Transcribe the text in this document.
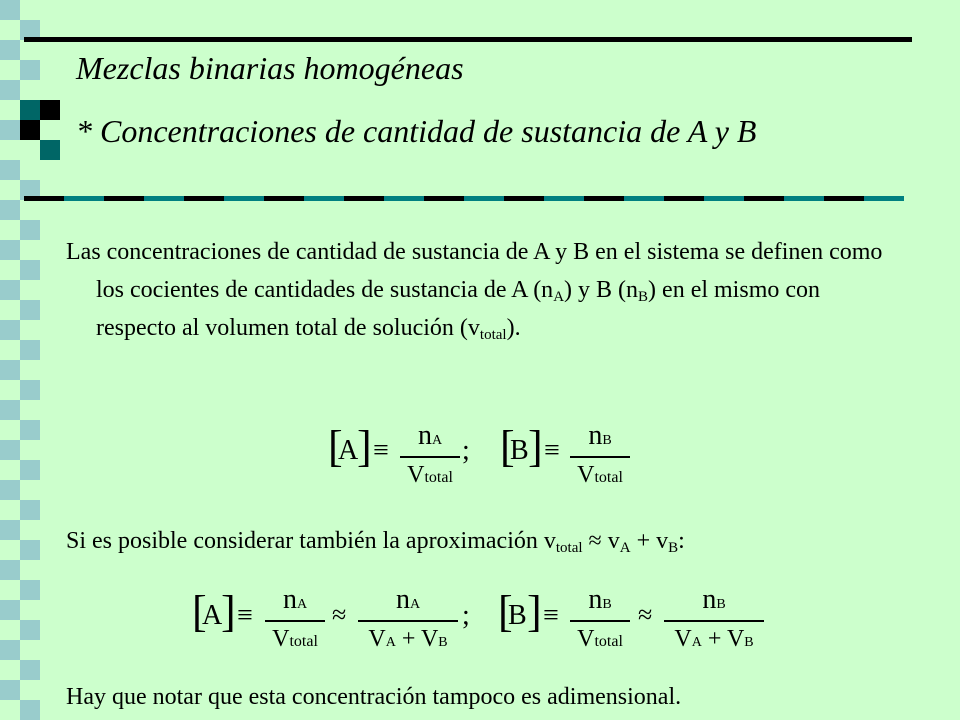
Mezclas binarias homogéneas
* Concentraciones de cantidad de sustancia de A y B
Las concentraciones de cantidad de sustancia de A y B en el sistema se definen como los cocientes de cantidades de sustancia de A $(n_A)$ y B $(n_B)$ en el mismo con respecto al volumen total de solución $(v_{total})$.
[
A
] ≡	nA
Vtotal
; [
B ] ≡	nB
Vtotal
Si es posible considerar también la aproximación $v_{total} \approx v_A + v_B$:
[
A
] ≡
nA
Vtotal
≈	nA
VA + VB
; [
B ] ≡
nB
Vtotal
≈	nB
VA + VB
Hay que notar que esta concentración tampoco es adimensional.
